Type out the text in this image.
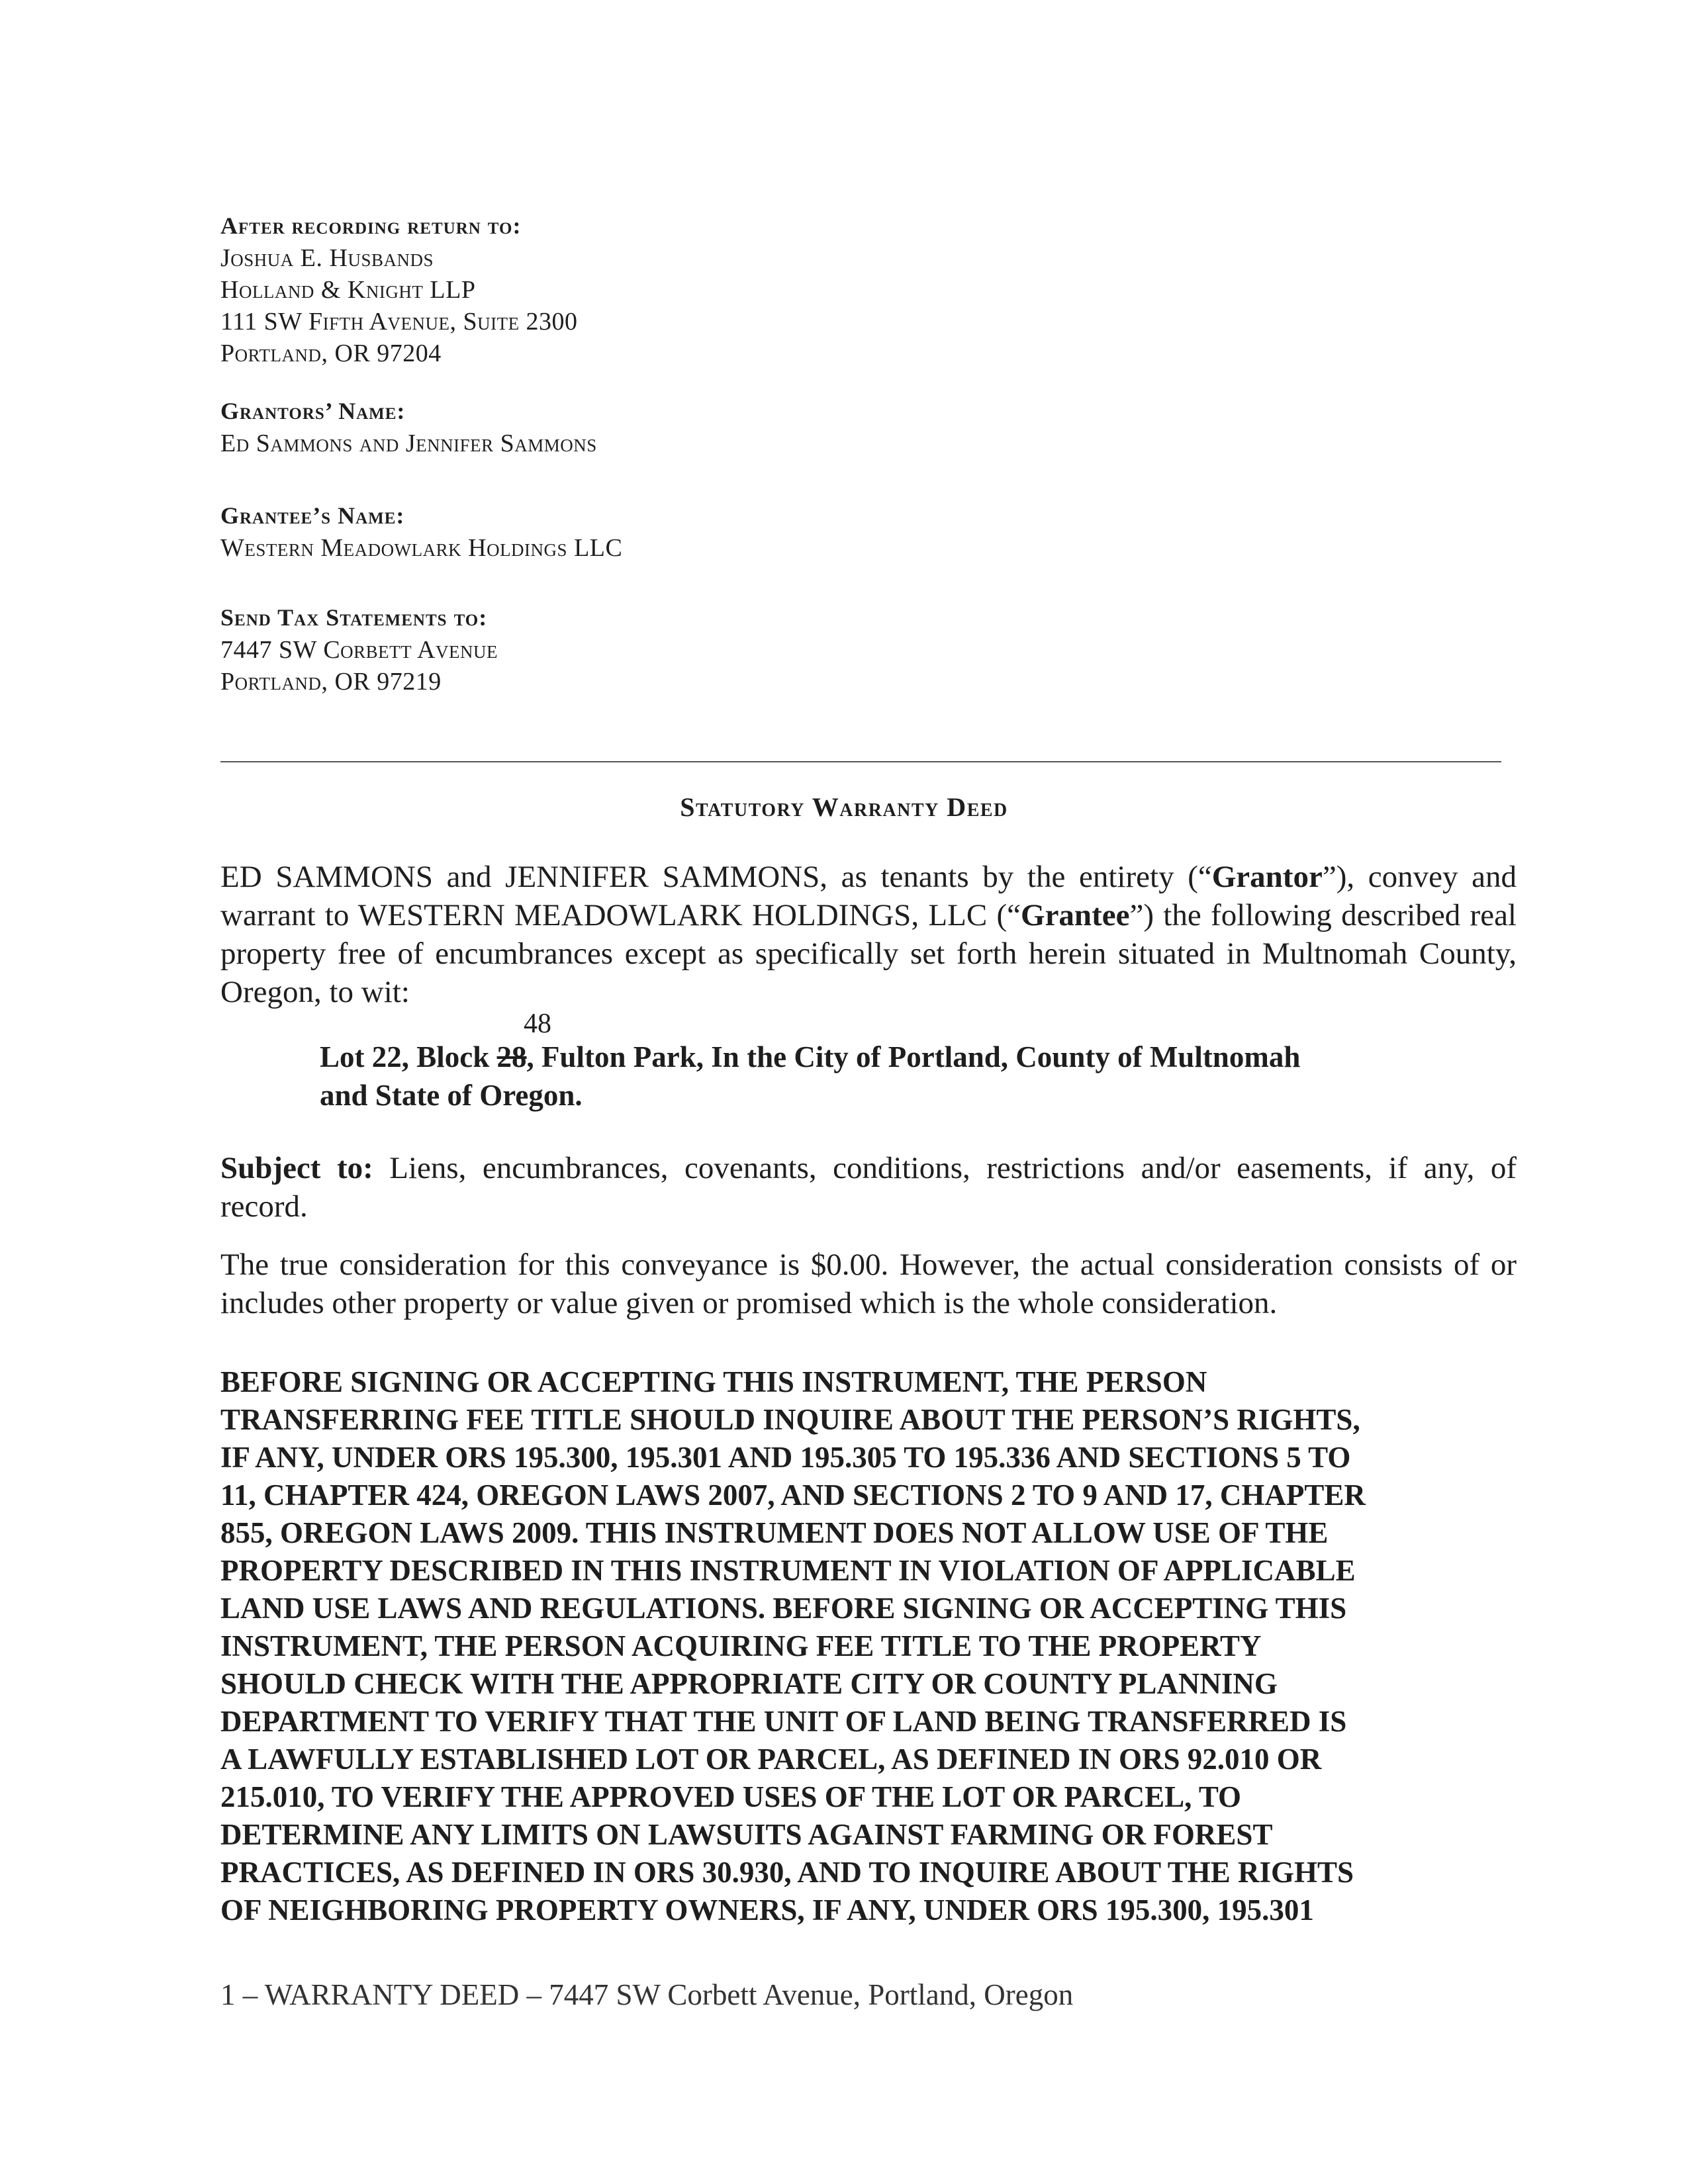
After recording return to:
Joshua E. Husbands
Holland & Knight LLP
111 SW Fifth Avenue, Suite 2300
Portland, OR 97204
Grantors’ Name:
Ed Sammons and Jennifer Sammons
Grantee’s Name:
Western Meadowlark Holdings LLC
Send Tax Statements to:
7447 SW Corbett Avenue
Portland, OR 97219
Statutory Warranty Deed
ED SAMMONS and JENNIFER SAMMONS, as tenants by the entirety (“Grantor”), convey and warrant to WESTERN MEADOWLARK HOLDINGS, LLC (“Grantee”) the following described real property free of encumbrances except as specifically set forth herein situated in Multnomah County, Oregon, to wit:
48
Lot 22, Block 28, Fulton Park, In the City of Portland, County of Multnomah
and State of Oregon.
Subject to: Liens, encumbrances, covenants, conditions, restrictions and/or easements, if any, of record.
The true consideration for this conveyance is $0.00. However, the actual consideration consists of or includes other property or value given or promised which is the whole consideration.

BEFORE SIGNING OR ACCEPTING THIS INSTRUMENT, THE PERSON

TRANSFERRING FEE TITLE SHOULD INQUIRE ABOUT THE PERSON’S RIGHTS,

IF ANY, UNDER ORS 195.300, 195.301 AND 195.305 TO 195.336 AND SECTIONS 5 TO

11, CHAPTER 424, OREGON LAWS 2007, AND SECTIONS 2 TO 9 AND 17, CHAPTER

855, OREGON LAWS 2009. THIS INSTRUMENT DOES NOT ALLOW USE OF THE

PROPERTY DESCRIBED IN THIS INSTRUMENT IN VIOLATION OF APPLICABLE

LAND USE LAWS AND REGULATIONS. BEFORE SIGNING OR ACCEPTING THIS

INSTRUMENT, THE PERSON ACQUIRING FEE TITLE TO THE PROPERTY

SHOULD CHECK WITH THE APPROPRIATE CITY OR COUNTY PLANNING

DEPARTMENT TO VERIFY THAT THE UNIT OF LAND BEING TRANSFERRED IS

A LAWFULLY ESTABLISHED LOT OR PARCEL, AS DEFINED IN ORS 92.010 OR

215.010, TO VERIFY THE APPROVED USES OF THE LOT OR PARCEL, TO

DETERMINE ANY LIMITS ON LAWSUITS AGAINST FARMING OR FOREST

PRACTICES, AS DEFINED IN ORS 30.930, AND TO INQUIRE ABOUT THE RIGHTS

OF NEIGHBORING PROPERTY OWNERS, IF ANY, UNDER ORS 195.300, 195.301

1 – WARRANTY DEED – 7447 SW Corbett Avenue, Portland, Oregon
